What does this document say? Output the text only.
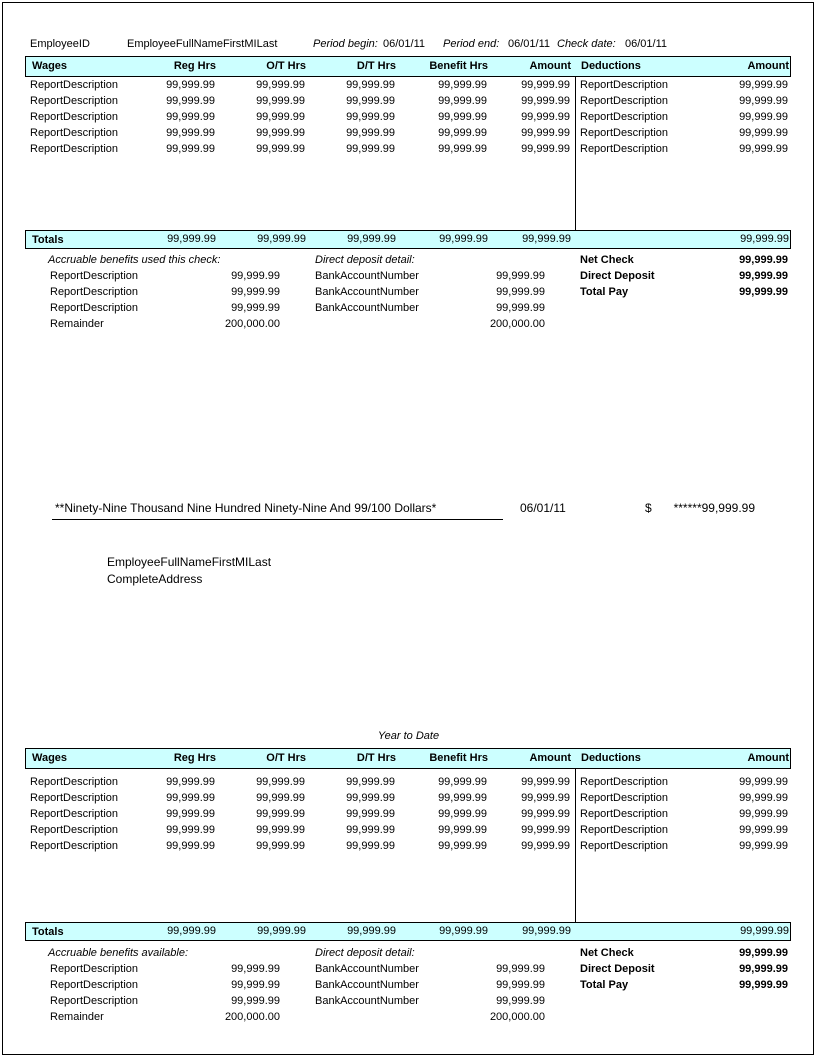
EmployeeID	EmployeeFullNameFirstMILast	Period begin: 06/01/11 Period end: 06/01/11 Check date: 06/01/11
Wages	Reg Hrs	O/T Hrs	D/T Hrs	Benefit Hrs	Amount Deductions	Amount
ReportDescription	99,999.99	99,999.99	99,999.99	99,999.99	99,999.99 ReportDescription	99,999.99
ReportDescription	99,999.99	99,999.99	99,999.99	99,999.99	99,999.99 ReportDescription	99,999.99
ReportDescription	99,999.99	99,999.99	99,999.99	99,999.99	99,999.99 ReportDescription	99,999.99
ReportDescription	99,999.99	99,999.99	99,999.99	99,999.99	99,999.99 ReportDescription	99,999.99
ReportDescription	99,999.99	99,999.99	99,999.99	99,999.99	99,999.99 ReportDescription	99,999.99
Totals	99,999.99	99,999.99	99,999.99	99,999.99	99,999.99	99,999.99
Accruable benefits used this check:	Direct deposit detail:	Net Check	99,999.99
ReportDescription	99,999.99	BankAccountNumber	99,999.99	Direct Deposit	99,999.99
ReportDescription	99,999.99	BankAccountNumber	99,999.99	Total Pay	99,999.99
ReportDescription	99,999.99	BankAccountNumber	99,999.99
Remainder	200,000.00	200,000.00
**Ninety-Nine Thousand Nine Hundred Ninety-Nine And 99/100 Dollars*	06/01/11	$	******99,999.99
EmployeeFullNameFirstMILast
CompleteAddress
Year to Date
Wages	Reg Hrs	O/T Hrs	D/T Hrs	Benefit Hrs	Amount Deductions	Amount
ReportDescription	99,999.99	99,999.99	99,999.99	99,999.99	99,999.99 ReportDescription	99,999.99
ReportDescription	99,999.99	99,999.99	99,999.99	99,999.99	99,999.99 ReportDescription	99,999.99
ReportDescription	99,999.99	99,999.99	99,999.99	99,999.99	99,999.99 ReportDescription	99,999.99
ReportDescription	99,999.99	99,999.99	99,999.99	99,999.99	99,999.99 ReportDescription	99,999.99
ReportDescription	99,999.99	99,999.99	99,999.99	99,999.99	99,999.99 ReportDescription	99,999.99
Totals	99,999.99	99,999.99	99,999.99	99,999.99	99,999.99	99,999.99
Accruable benefits available:	Direct deposit detail:	Net Check	99,999.99
ReportDescription	99,999.99	BankAccountNumber	99,999.99	Direct Deposit	99,999.99
ReportDescription	99,999.99	BankAccountNumber	99,999.99	Total Pay	99,999.99
ReportDescription	99,999.99	BankAccountNumber	99,999.99
Remainder	200,000.00	200,000.00
